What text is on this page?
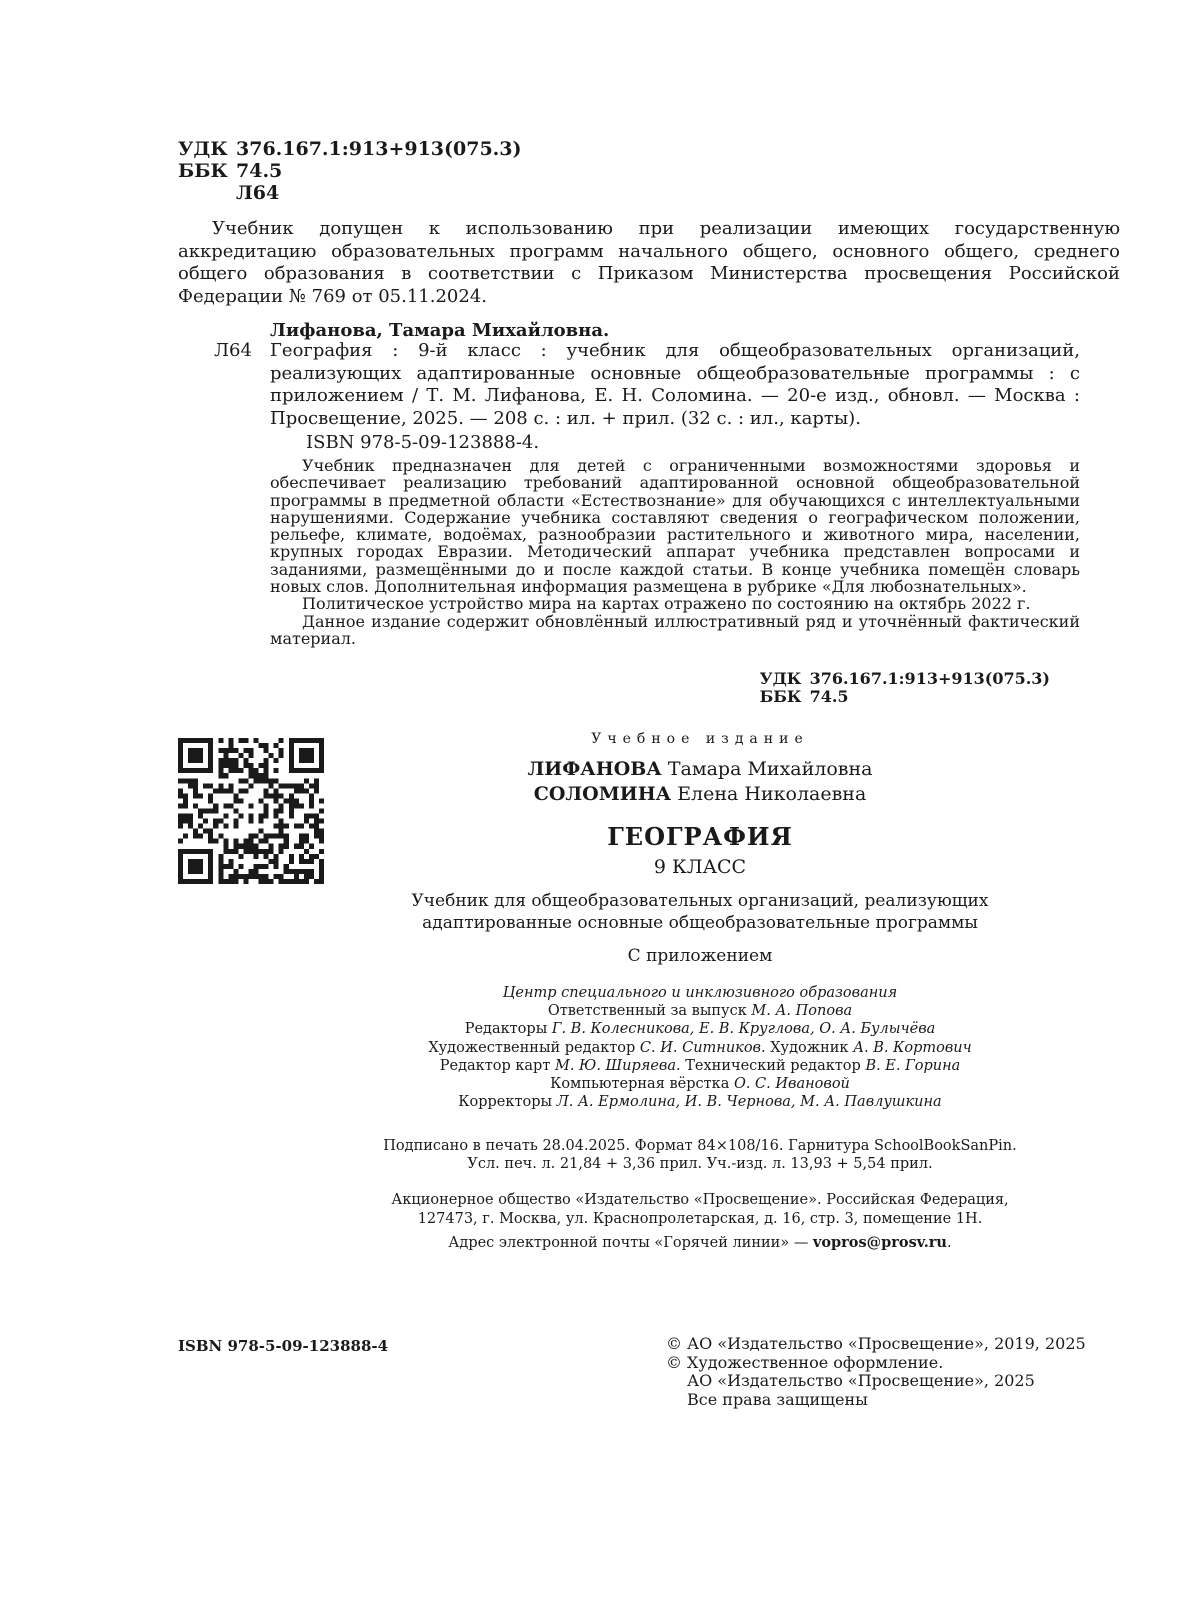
УДК 376.167.1:913+913(075.3)
ББК 74.5
Л64

Учебник допущен к использованию при реализации имеющих государственную аккредитацию образовательных программ начального общего, основного общего, среднего общего образования в соответствии с Приказом Министерства просвещения Российской Федерации № 769 от 05.11.2024.

Лифанова, Тамара Михайловна.
Л64 География : 9-й класс : учебник для общеобразовательных организаций, реализующих адаптированные основные общеобразовательные программы : с приложением / Т. М. Лифанова, Е. Н. Соломина. — 20-е изд., обновл. — Москва : Просвещение, 2025. — 208 с. : ил. + прил. (32 с. : ил., карты).

ISBN 978-5-09-123888-4.

Учебник предназначен для детей с ограниченными возможностями здоровья и обеспечивает реализацию требований адаптированной основной общеобразовательной программы в предметной области «Естествознание» для обучающихся с интеллектуальными нарушениями. Содержание учебника составляют сведения о географическом положении, рельефе, климате, водоёмах, разнообразии растительного и животного мира, населении, крупных городах Евразии. Методический аппарат учебника представлен вопросами и заданиями, размещёнными до и после каждой статьи. В конце учебника помещён словарь новых слов. Дополнительная информация размещена в рубрике «Для любознательных».

Политическое устройство мира на картах отражено по состоянию на октябрь 2022 г.

Данное издание содержит обновлённый иллюстративный ряд и уточнённый фактический материал.

УДК 376.167.1:913+913(075.3)
ББК 74.5
Учебное издание
ЛИФАНОВА Тамара Михайловна
СОЛОМИНА Елена Николаевна
ГЕОГРАФИЯ
9 КЛАСС
Учебник для общеобразовательных организаций, реализующих
адаптированные основные общеобразовательные программы
С приложением
Центр специального и инклюзивного образования
Ответственный за выпуск М. А. Попова
Редакторы Г. В. Колесникова, Е. В. Круглова, О. А. Булычёва
Художественный редактор С. И. Ситников. Художник А. В. Кортович
Редактор карт М. Ю. Ширяева. Технический редактор В. Е. Горина
Компьютерная вёрстка О. С. Ивановой
Корректоры Л. А. Ермолина, И. В. Чернова, М. А. Павлушкина
Подписано в печать 28.04.2025. Формат 84×108/16. Гарнитура SchoolBookSanPin.
Усл. печ. л. 21,84 + 3,36 прил. Уч.-изд. л. 13,93 + 5,54 прил.
Акционерное общество «Издательство «Просвещение». Российская Федерация,
127473, г. Москва, ул. Краснопролетарская, д. 16, стр. 3, помещение 1Н.
Адрес электронной почты «Горячей линии» — vopros@prosv.ru.
ISBN 978-5-09-123888-4	© АО «Издательство «Просвещение», 2019, 2025
© Художественное оформление.
АО «Издательство «Просвещение», 2025
Все права защищены
